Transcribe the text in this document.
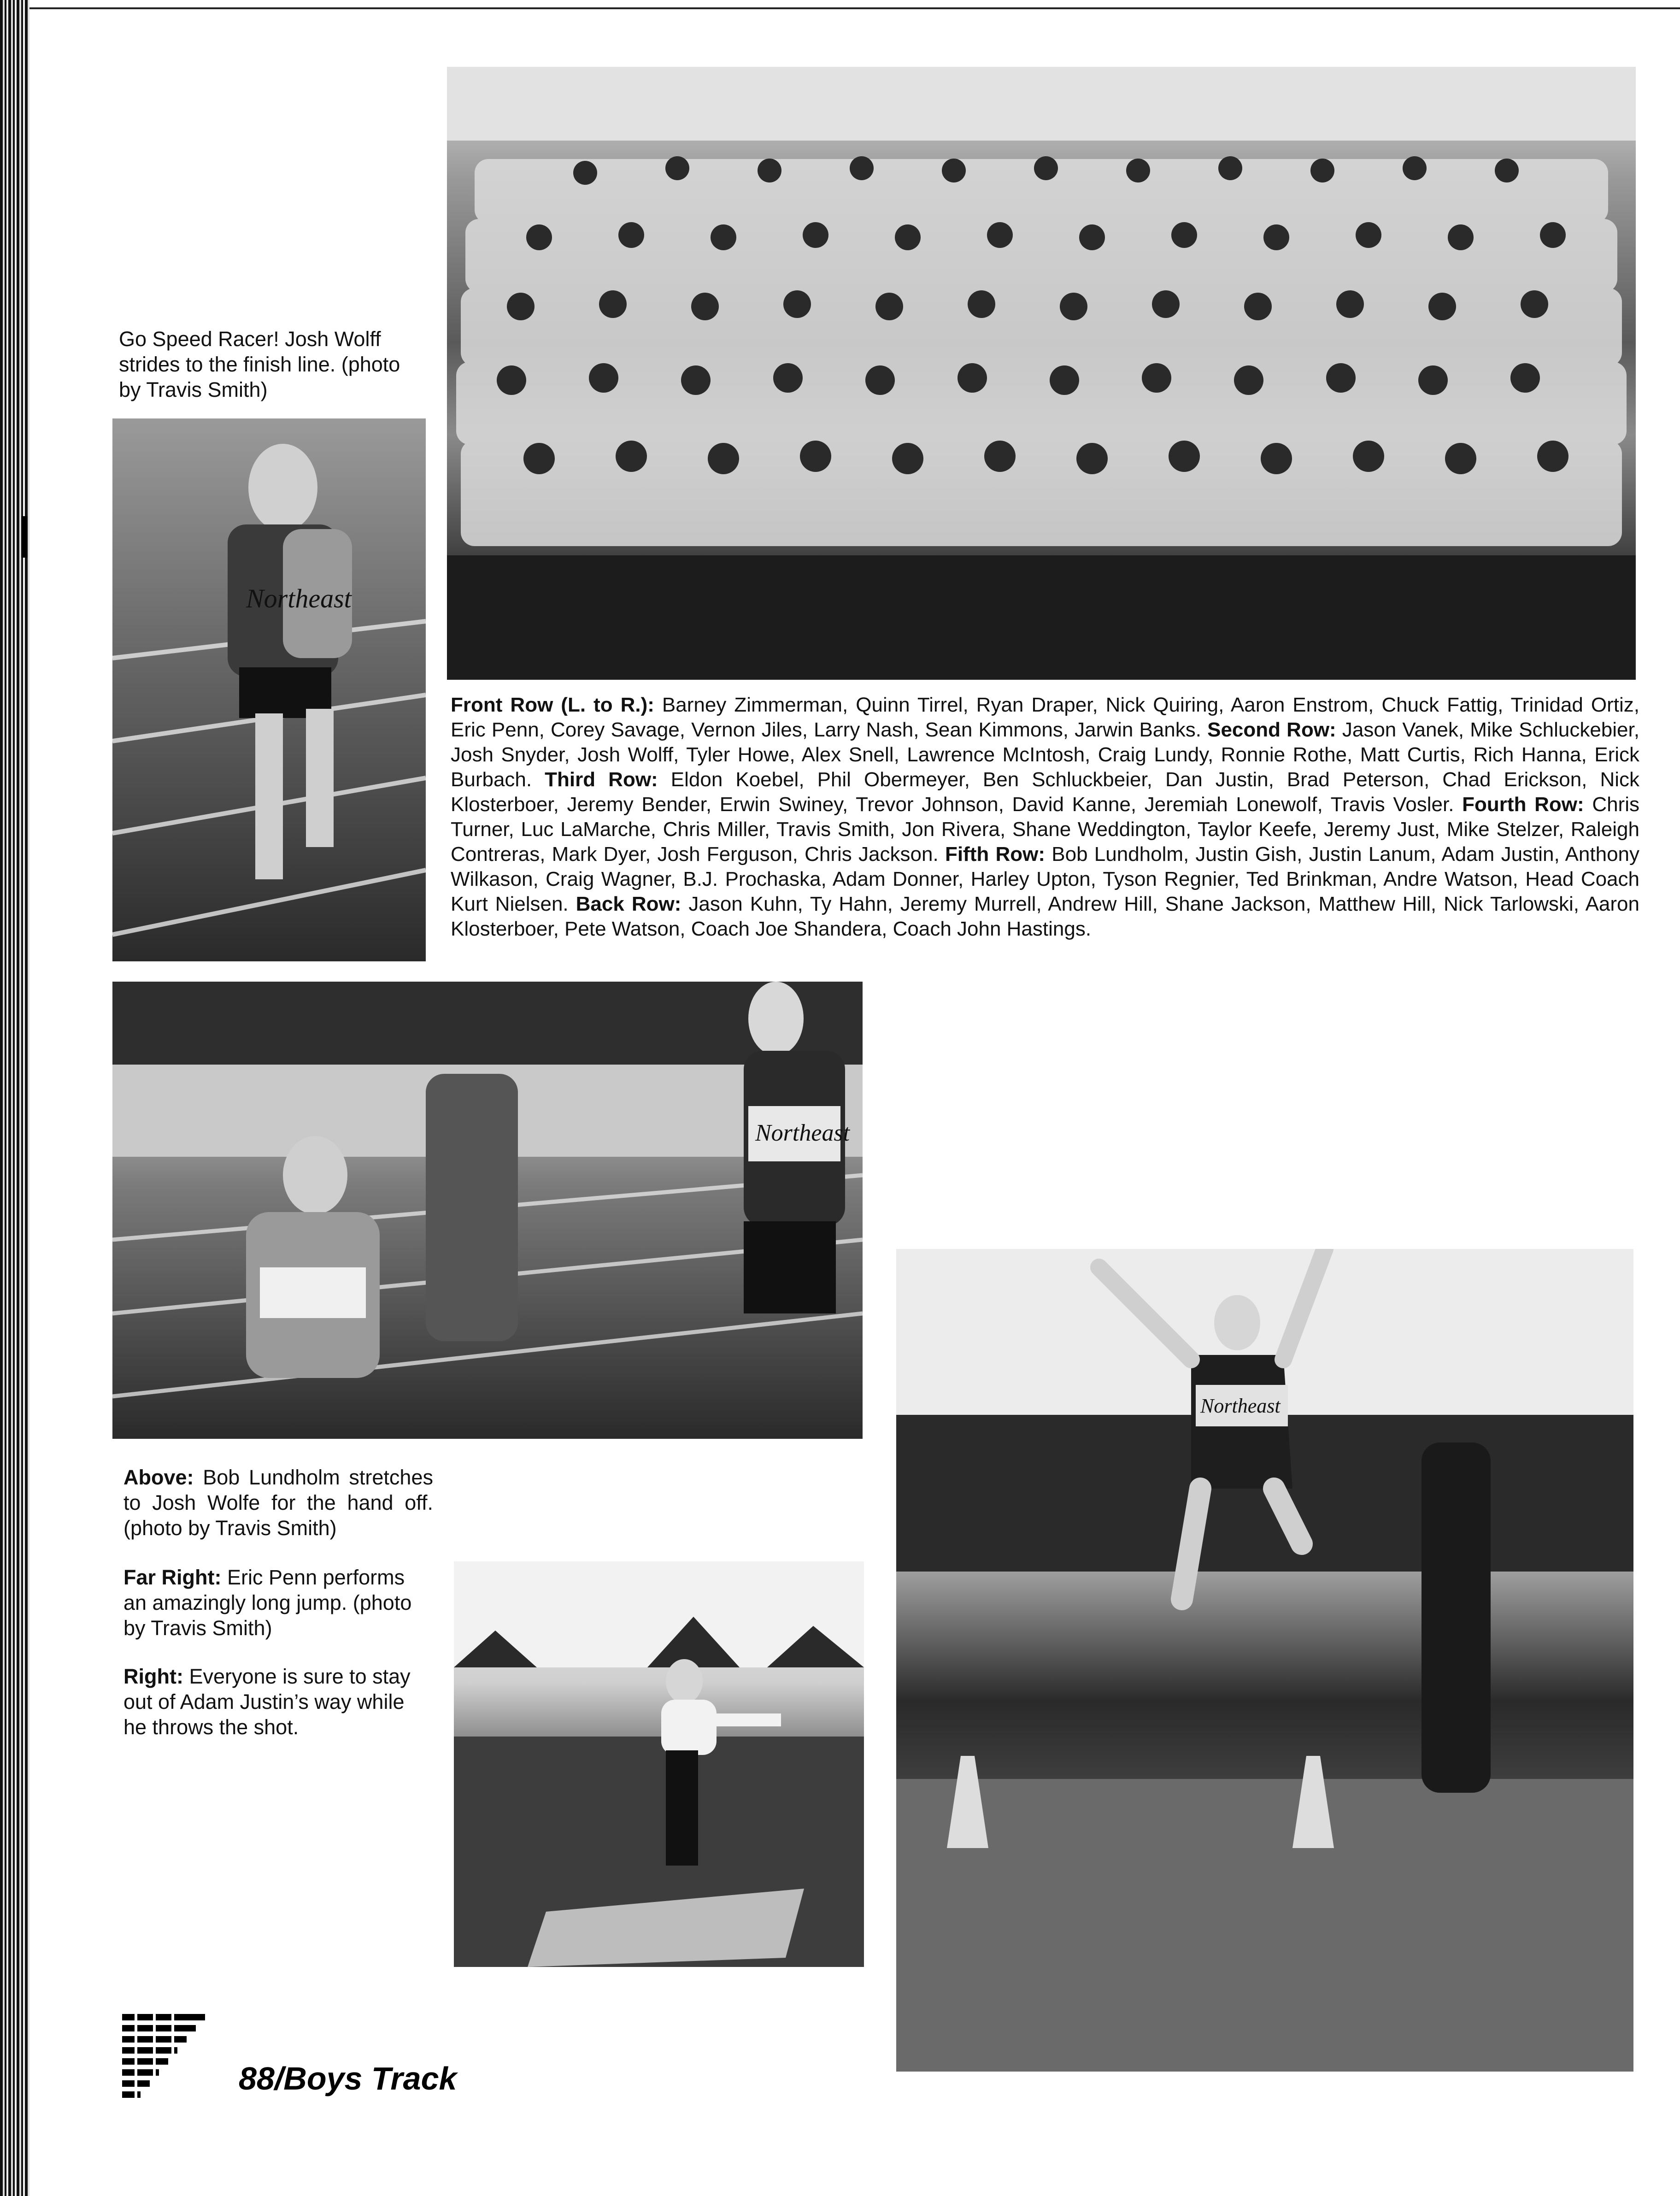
Go Speed Racer! Josh Wolff strides to the finish line. (photo by Travis Smith)
Northeast
Front Row (L. to R.): Barney Zimmerman, Quinn Tirrel, Ryan Draper, Nick Quiring, Aaron Enstrom, Chuck Fattig, Trinidad Ortiz, Eric Penn, Corey Savage, Vernon Jiles, Larry Nash, Sean Kimmons, Jarwin Banks. Second Row: Jason Vanek, Mike Schluckebier, Josh Snyder, Josh Wolff, Tyler Howe, Alex Snell, Lawrence McIntosh, Craig Lundy, Ronnie Rothe, Matt Curtis, Rich Hanna, Erick Burbach. Third Row: Eldon Koebel, Phil Obermeyer, Ben Schluckbeier, Dan Justin, Brad Peterson, Chad Erickson, Nick Klosterboer, Jeremy Bender, Erwin Swiney, Trevor Johnson, David Kanne, Jeremiah Lonewolf, Travis Vosler. Fourth Row: Chris Turner, Luc LaMarche, Chris Miller, Travis Smith, Jon Rivera, Shane Weddington, Taylor Keefe, Jeremy Just, Mike Stelzer, Raleigh Contreras, Mark Dyer, Josh Ferguson, Chris Jackson. Fifth Row: Bob Lundholm, Justin Gish, Justin Lanum, Adam Justin, Anthony Wilkason, Craig Wagner, B.J. Prochaska, Adam Donner, Harley Upton, Tyson Regnier, Ted Brinkman, Andre Watson, Head Coach Kurt Nielsen. Back Row: Jason Kuhn, Ty Hahn, Jeremy Murrell, Andrew Hill, Shane Jackson, Matthew Hill, Nick Tarlowski, Aaron Klosterboer, Pete Watson, Coach Joe Shandera, Coach John Hastings.
Northeast
Above: Bob Lundholm stretches to Josh Wolfe for the hand off. (photo by Travis Smith)
Far Right: Eric Penn performs an amazingly long jump. (photo by Travis Smith)
Right: Everyone is sure to stay out of Adam Justin’s way while he throws the shot.
Northeast
88/Boys Track
